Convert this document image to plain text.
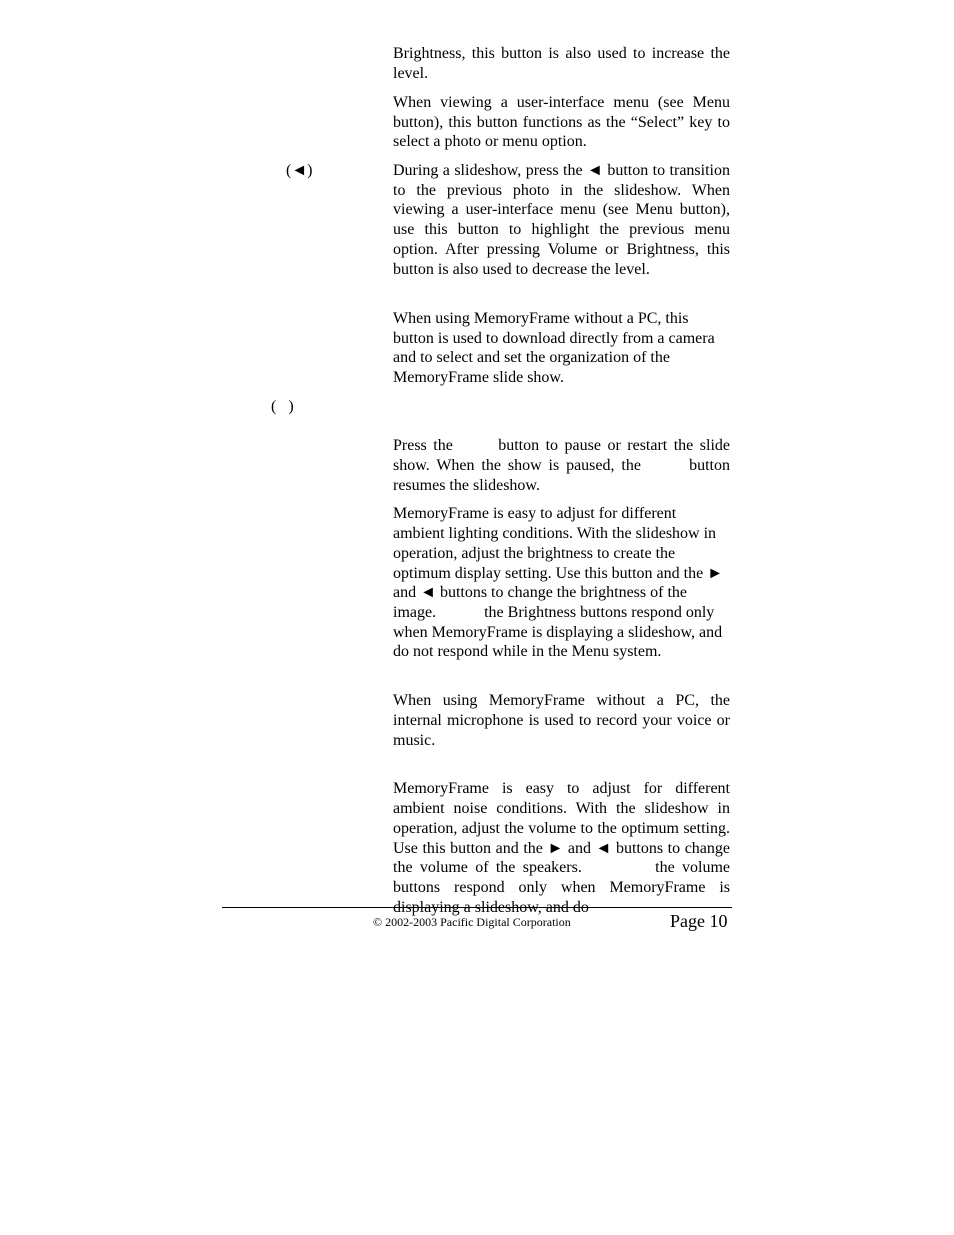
Brightness, this button is also used to increase the level.

When viewing a user-interface menu (see Menu button), this button functions as the “Select” key to select a photo or menu option.

(◄)	During a slideshow, press the ◄ button to transition to the previous photo in the slideshow. When viewing a user-interface menu (see Menu button), use this button to highlight the previous menu option. After pressing Volume or Brightness, this button is also used to decrease the level.

When using MemoryFrame without a PC, this button is used to download directly from a camera and to select and set the organization of the MemoryFrame slide show.

(   )

Press the       button to pause or restart the slide show. When the show is paused, the       button resumes the slideshow.

MemoryFrame is easy to adjust for different ambient lighting conditions. With the slideshow in operation, adjust the brightness to create the optimum display setting. Use this button and the ► and ◄ buttons to change the brightness of the image.            the Brightness buttons respond only when MemoryFrame is displaying a slideshow, and do not respond while in the Menu system.

When using MemoryFrame without a PC, the internal microphone is used to record your voice or  music.

MemoryFrame is easy to adjust for different ambient noise conditions. With the slideshow in operation, adjust the volume to the optimum setting. Use this button and the ► and ◄ buttons to change the volume of the speakers.          the volume buttons respond only when MemoryFrame is displaying a slideshow, and do

© 2002-2003 Pacific Digital Corporation	Page 10
